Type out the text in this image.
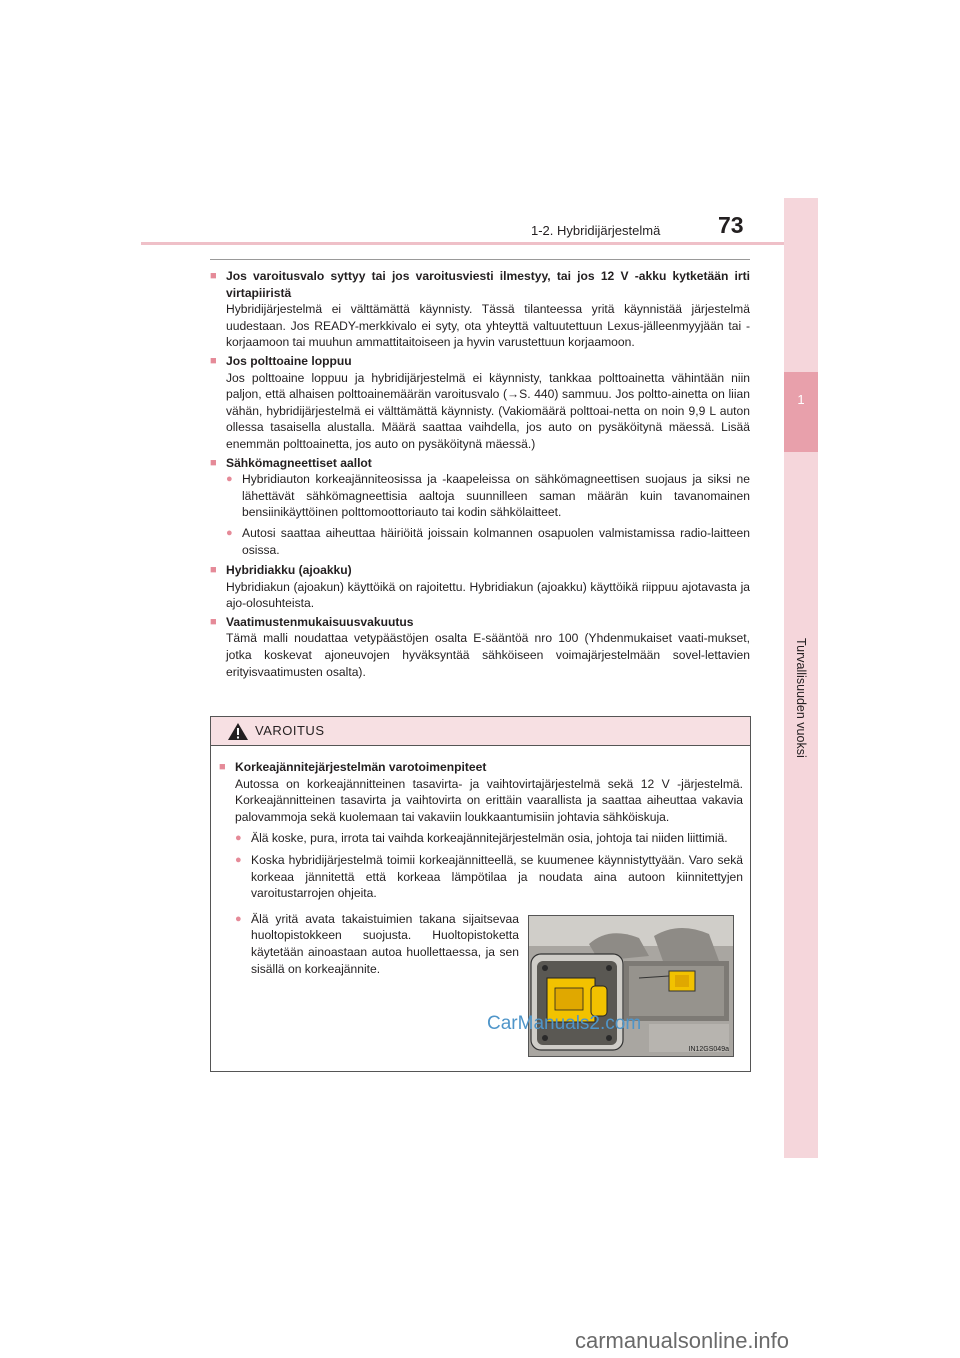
1
Turvallisuuden vuoksi
1-2. Hybridijärjestelmä	73
■ Jos varoitusvalo syttyy tai jos varoitusviesti ilmestyy, tai jos 12 V -akku kytketään irti virtapiiristä
Hybridijärjestelmä ei välttämättä käynnisty. Tässä tilanteessa yritä käynnistää järjestelmä uudestaan. Jos READY-merkkivalo ei syty, ota yhteyttä valtuutettuun Lexus-jälleenmyyjään tai -korjaamoon tai muuhun ammattitaitoiseen ja hyvin varustettuun korjaamoon.
■ Jos polttoaine loppuu
Jos polttoaine loppuu ja hybridijärjestelmä ei käynnisty, tankkaa polttoainetta vähintään niin paljon, että alhaisen polttoainemäärän varoitusvalo (→S. 440) sammuu. Jos poltto-ainetta on liian vähän, hybridijärjestelmä ei välttämättä käynnisty. (Vakiomäärä polttoai-netta on noin 9,9 L auton ollessa tasaisella alustalla. Määrä saattaa vaihdella, jos auto on pysäköitynä mäessä. Lisää enemmän polttoainetta, jos auto on pysäköitynä mäessä.)
■ Sähkömagneettiset aallot
● Hybridiauton korkeajänniteosissa ja -kaapeleissa on sähkömagneettisen suojaus ja siksi ne lähettävät sähkömagneettisia aaltoja suunnilleen saman määrän kuin tavanomainen bensiinikäyttöinen polttomoottoriauto tai kodin sähkölaitteet.
● Autosi saattaa aiheuttaa häiriöitä joissain kolmannen osapuolen valmistamissa radio-laitteen osissa.
■ Hybridiakku (ajoakku)
Hybridiakun (ajoakun) käyttöikä on rajoitettu. Hybridiakun (ajoakku) käyttöikä riippuu ajotavasta ja ajo-olosuhteista.
■ Vaatimustenmukaisuusvakuutus
Tämä malli noudattaa vetypäästöjen osalta E-sääntöä nro 100 (Yhdenmukaiset vaati-mukset, jotka koskevat ajoneuvojen hyväksyntää sähköiseen voimajärjestelmään sovel-lettavien erityisvaatimusten osalta).
VAROITUS
■ Korkeajännitejärjestelmän varotoimenpiteet
Autossa on korkeajännitteinen tasavirta- ja vaihtovirtajärjestelmä sekä 12 V -järjestelmä. Korkeajännitteinen tasavirta ja vaihtovirta on erittäin vaarallista ja saattaa aiheuttaa vakavia palovammoja sekä kuolemaan tai vakaviin loukkaantumisiin johtavia sähköiskuja.
● Älä koske, pura, irrota tai vaihda korkeajännitejärjestelmän osia, johtoja tai niiden liittimiä.
● Koska hybridijärjestelmä toimii korkeajännitteellä, se kuumenee käynnistyttyään. Varo sekä korkeaa jännitettä että korkeaa lämpötilaa ja noudata aina autoon kiinnitettyjen varoitustarrojen ohjeita.
● Älä yritä avata takaistuimien takana sijaitsevaa huoltopistokkeen suojusta. Huoltopistoketta käytetään ainoastaan autoa huollettaessa, ja sen sisällä on korkeajännite.
IN12GS049a
CarManuals2.com
carmanualsonline.info
